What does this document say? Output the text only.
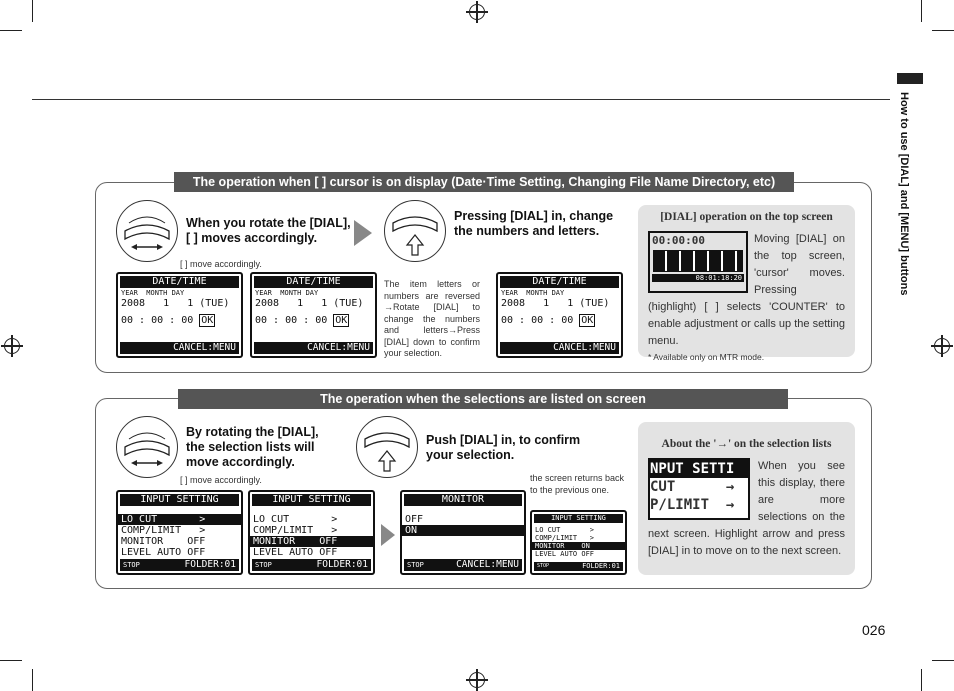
How to use [DIAL] and [MENU] buttons
The operation when [ ] cursor is on display (Date·Time Setting, Changing File Name Directory, etc)
When you rotate the [DIAL],
[ ] moves accordingly.
Pressing [DIAL] in, change
the numbers and letters.
[ ] move accordingly.
DATE/TIME
YEAR  MONTH DAY
2008   1   1 (TUE)
00 : 00 : 00 OK
CANCEL:MENU
DATE/TIME
YEAR  MONTH DAY
2008   1   1 (TUE)
00 : 00 : 00 OK
CANCEL:MENU
The item letters or numbers are reversed →Rotate [DIAL] to change the numbers and letters→Press [DIAL] down to confirm your selection.
DATE/TIME
YEAR  MONTH DAY
2008   1   1 (TUE)
00 : 00 : 00 OK
CANCEL:MENU
[DIAL] operation on the top screen
00:00:00
08:01:18:20
Moving [DIAL] on the top screen, 'cursor' moves. Pressing (highlight) [ ] selects 'COUNTER' to enable adjustment or calls up the setting menu.
* Available only on MTR mode.
The operation when the selections are listed on screen
By rotating the [DIAL],
the selection lists will
move accordingly.
Push [DIAL] in, to confirm
your selection.
[ ] move accordingly.	the screen returns back to the previous one.
INPUT SETTING
LO CUT       >
COMP/LIMIT   >
MONITOR    OFF
LEVEL AUTO OFF
STOP	FOLDER:01
INPUT SETTING
LO CUT       >
COMP/LIMIT   >
MONITOR    OFF
LEVEL AUTO OFF
STOP	FOLDER:01
MONITOR
OFF
ON
STOP	CANCEL:MENU
INPUT SETTING
LO CUT       >
COMP/LIMIT   >
MONITOR    ON
LEVEL AUTO OFF
STOP	FOLDER:01
About the '→' on the selection lists
NPUT SETTI
CUT      →
P/LIMIT  →
When you see this display, there are more selections on the next screen. Highlight arrow and press [DIAL] in to move on to the next screen.
026
